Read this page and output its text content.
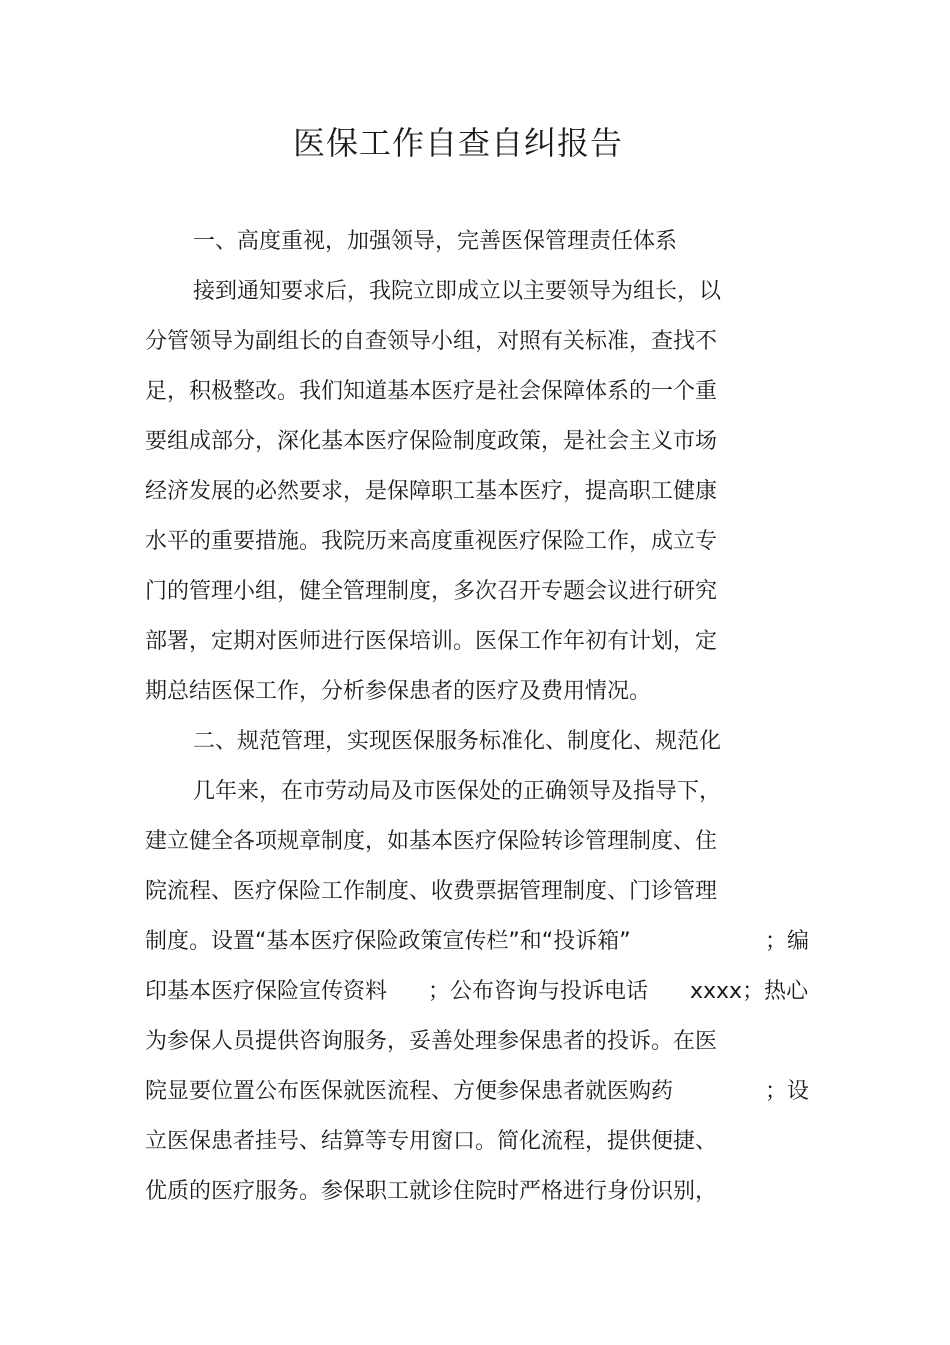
医保工作自查自纠报告
一、高度重视，加强领导，完善医保管理责任体系
接到通知要求后，我院立即成立以主要领导为组长，以
分管领导为副组长的自查领导小组，对照有关标准，查找不
足，积极整改。我们知道基本医疗是社会保障体系的一个重
要组成部分，深化基本医疗保险制度政策，是社会主义市场
经济发展的必然要求，是保障职工基本医疗，提高职工健康
水平的重要措施。我院历来高度重视医疗保险工作，成立专
门的管理小组，健全管理制度，多次召开专题会议进行研究
部署，定期对医师进行医保培训。医保工作年初有计划，定
期总结医保工作，分析参保患者的医疗及费用情况。
二、规范管理，实现医保服务标准化、制度化、规范化
几年来，在市劳动局及市医保处的正确领导及指导下，
建立健全各项规章制度，如基本医疗保险转诊管理制度、住
院流程、医疗保险工作制度、收费票据管理制度、门诊管理
制度。设置“基本医疗保险政策宣传栏”和“投诉箱”	；编
印基本医疗保险宣传资料 ；公布咨询与投诉电话 xxxx；热心
为参保人员提供咨询服务，妥善处理参保患者的投诉。在医
院显要位置公布医保就医流程、方便参保患者就医购药	；设
立医保患者挂号、结算等专用窗口。简化流程，提供便捷、
优质的医疗服务。参保职工就诊住院时严格进行身份识别，
